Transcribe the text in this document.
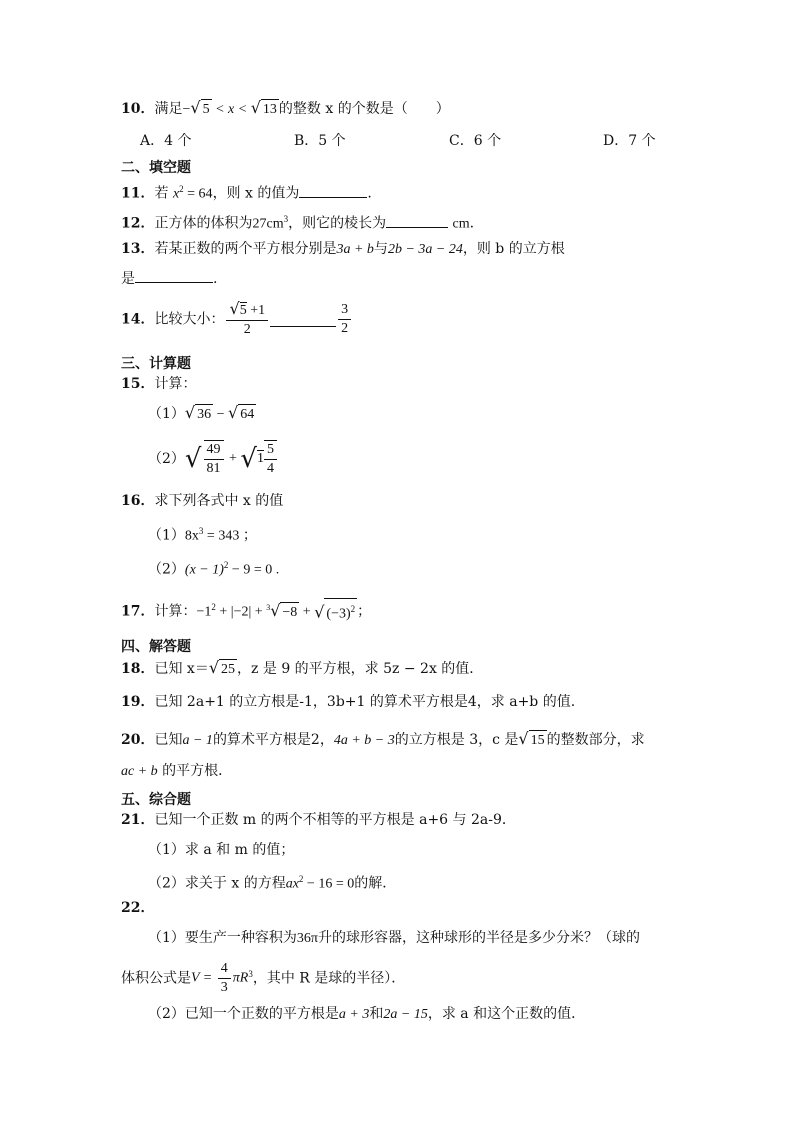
10．满足−√ 5 < x < √ 13 的整数 x 的个数是（　　）
A．4 个	B．5 个	C．6 个	D．7 个
二、填空题
11．若 $x^2 = 64$，则 x 的值为	.
12．正方体的体积为$27cm^3$，则它的棱长为	cm.
13．若某正数的两个平方根分别是3a + b与2b − 3a − 24，则 b 的立方根
是	.
14．比较大小： $\frac{√5 +1}{2}$	$\frac{3}{2}$
三、计算题
15．计算：
（1）√ 36 − √ 64
$(2)√ \frac{49}{81} + √1 \frac{5}{4}$
16．求下列各式中 x 的值
$(1)8x^3 = 343$ ；
$(2)(x - 1)^2 - 9 = 0$ .
17．计算：$-1^2 + |-2| + ^3√ -8$ + √ $(-3)^2$ ；
四、解答题
18．已知 x＝√ 25 ，z 是 9 的平方根，求 5z − 2x 的值．
19．已知 2a+1 的立方根是-1，3b+1 的算术平方根是4，求 a+b 的值.
20．已知a − 1的算术平方根是2，4a + b − 3的立方根是 3，c 是√ 15 的整数部分，求
ac + b 的平方根．
五、综合题
21．已知一个正数 m 的两个不相等的平方根是 a+6 与 2a-9．
（1）求 a 和 m 的值；
（2）求关于 x 的方程$ax^2 - 16 = 0$的解．
22．
（1）要生产一种容积为36π升的球形容器，这种球形的半径是多少分米？（球的
体积公式是$V = \frac{4}{3} \pi R^3$，其中 R 是球的半径）．
（2）已知一个正数的平方根是a + 3和2a − 15，求 a 和这个正数的值．
